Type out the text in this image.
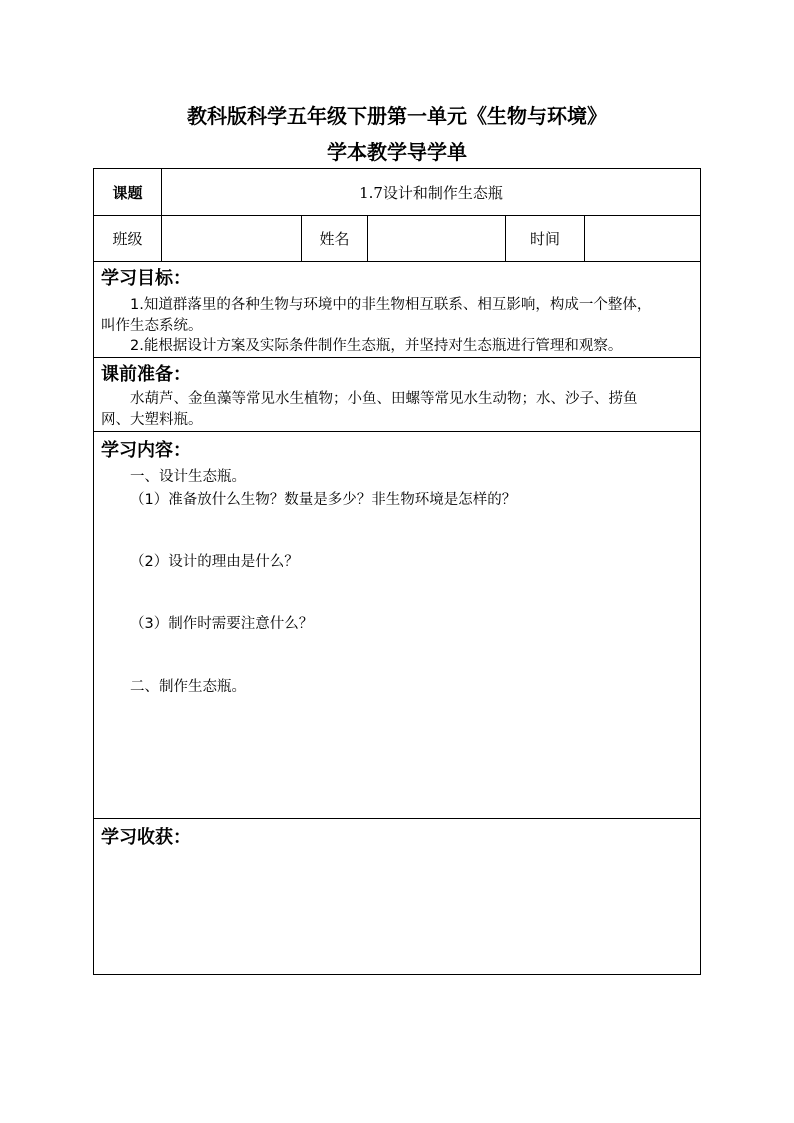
教科版科学五年级下册第一单元《生物与环境》
学本教学导学单
课题	1.7设计和制作生态瓶
班级	姓名	时间
学习目标：
1.知道群落里的各种生物与环境中的非生物相互联系、相互影响，构成一个整体，
叫作生态系统。
2.能根据设计方案及实际条件制作生态瓶，并坚持对生态瓶进行管理和观察。
课前准备：
水葫芦、金鱼藻等常见水生植物；小鱼、田螺等常见水生动物；水、沙子、捞鱼
网、大塑料瓶。
学习内容：
一、设计生态瓶。
（1）准备放什么生物？数量是多少？非生物环境是怎样的？
（2）设计的理由是什么？
（3）制作时需要注意什么？
二、制作生态瓶。
学习收获：
